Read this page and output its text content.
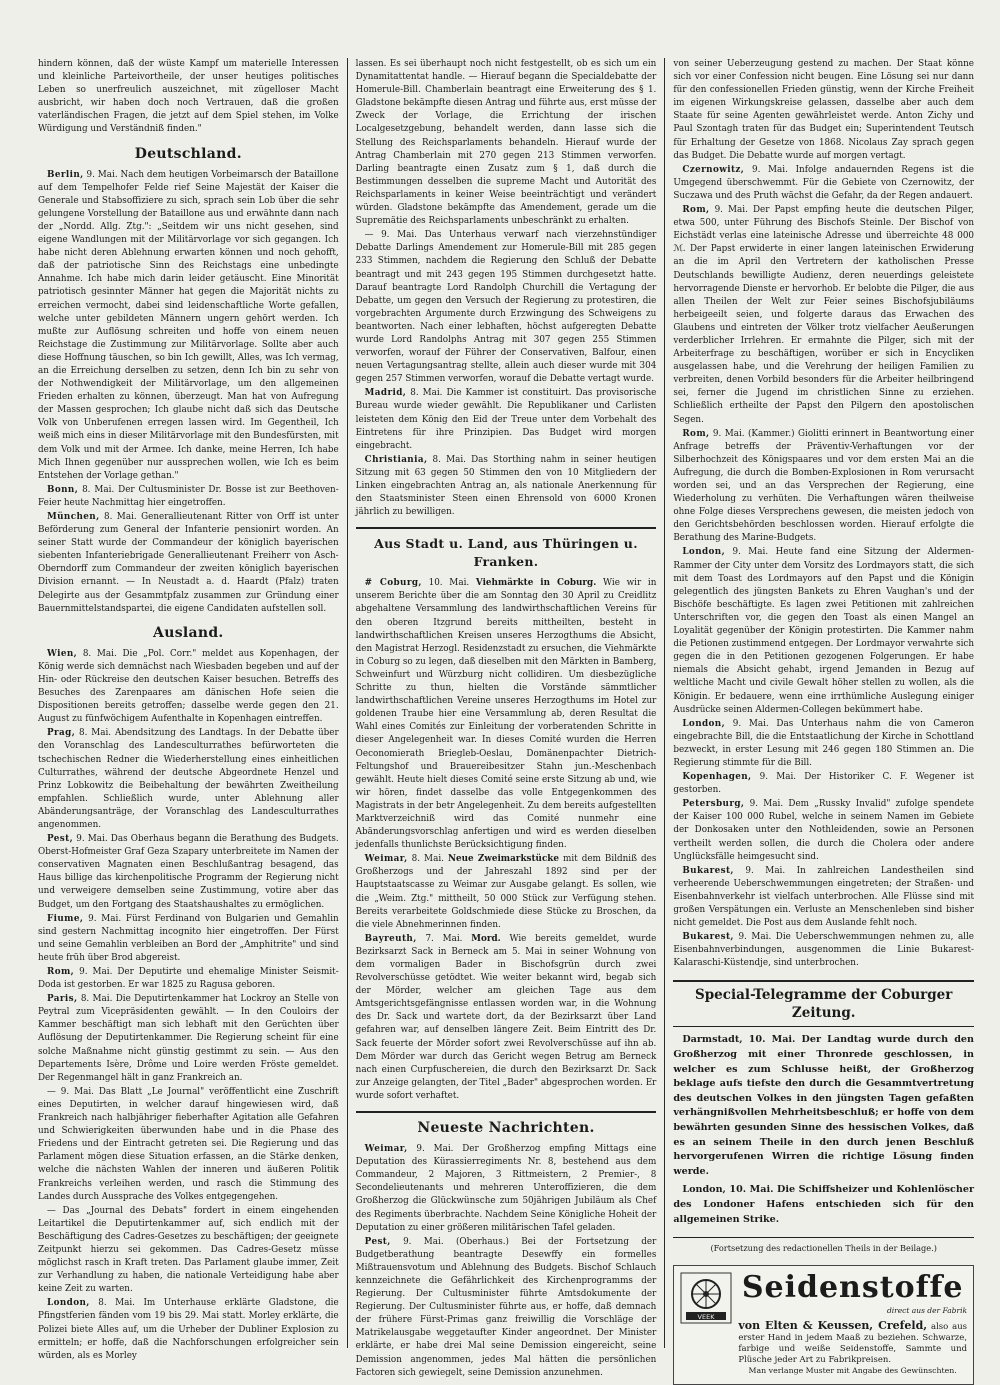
hindern können, daß der wüste Kampf um materielle Interessen und kleinliche Parteivortheile, der unser heutiges politisches Leben so unerfreulich auszeichnet, mit zügelloser Macht ausbricht, wir haben doch noch Vertrauen, daß die großen vaterländischen Fragen, die jetzt auf dem Spiel stehen, im Volke Würdigung und Verständniß finden."

Deutschland.

Berlin, 9. Mai. Nach dem heutigen Vorbeimarsch der Bataillone auf dem Tempelhofer Felde rief Seine Majestät der Kaiser die Generale und Stabsoffiziere zu sich, sprach sein Lob über die sehr gelungene Vorstellung der Bataillone aus und erwähnte dann nach der „Nordd. Allg. Ztg.": „Seitdem wir uns nicht gesehen, sind eigene Wandlungen mit der Militärvorlage vor sich gegangen. Ich habe nicht deren Ablehnung erwarten können und noch gehofft, daß der patriotische Sinn des Reichstags eine unbedingte Annahme. Ich habe mich darin leider getäuscht. Eine Minorität patriotisch gesinnter Männer hat gegen die Majorität nichts zu erreichen vermocht, dabei sind leidenschaftliche Worte gefallen, welche unter gebildeten Männern ungern gehört werden. Ich mußte zur Auflösung schreiten und hoffe von einem neuen Reichstage die Zustimmung zur Militärvorlage. Sollte aber auch diese Hoffnung täuschen, so bin Ich gewillt, Alles, was Ich vermag, an die Erreichung derselben zu setzen, denn Ich bin zu sehr von der Nothwendigkeit der Militärvorlage, um den allgemeinen Frieden erhalten zu können, überzeugt. Man hat von Aufregung der Massen gesprochen; Ich glaube nicht daß sich das Deutsche Volk von Unberufenen erregen lassen wird. Im Gegentheil, Ich weiß mich eins in dieser Militärvorlage mit den Bundesfürsten, mit dem Volk und mit der Armee. Ich danke, meine Herren, Ich habe Mich Ihnen gegenüber nur aussprechen wollen, wie Ich es beim Entstehen der Vorlage gethan."

Bonn, 8. Mai. Der Cultusminister Dr. Bosse ist zur Beethoven-Feier heute Nachmittag hier eingetroffen.

München, 8. Mai. Generallieutenant Ritter von Orff ist unter Beförderung zum General der Infanterie pensionirt worden. An seiner Statt wurde der Commandeur der königlich bayerischen siebenten Infanteriebrigade Generallieutenant Freiherr von Asch-Oberndorff zum Commandeur der zweiten königlich bayerischen Division ernannt. — In Neustadt a. d. Haardt (Pfalz) traten Delegirte aus der Gesammtpfalz zusammen zur Gründung einer Bauernmittelstandspartei, die eigene Candidaten aufstellen soll.

Ausland.

Wien, 8. Mai. Die „Pol. Corr." meldet aus Kopenhagen, der König werde sich demnächst nach Wiesbaden begeben und auf der Hin- oder Rückreise den deutschen Kaiser besuchen. Betreffs des Besuches des Zarenpaares am dänischen Hofe seien die Dispositionen bereits getroffen; dasselbe werde gegen den 21. August zu fünfwöchigem Aufenthalte in Kopenhagen eintreffen.

Prag, 8. Mai. Abendsitzung des Landtags. In der Debatte über den Voranschlag des Landesculturrathes befürworteten die tschechischen Redner die Wiederherstellung eines einheitlichen Culturrathes, während der deutsche Abgeordnete Henzel und Prinz Lobkowitz die Beibehaltung der bewährten Zweitheilung empfahlen. Schließlich wurde, unter Ablehnung aller Abänderungsanträge, der Voranschlag des Landesculturrathes angenommen.

Pest, 9. Mai. Das Oberhaus begann die Berathung des Budgets. Oberst-Hofmeister Graf Geza Szapary unterbreitete im Namen der conservativen Magnaten einen Beschlußantrag besagend, das Haus billige das kirchenpolitische Programm der Regierung nicht und verweigere demselben seine Zustimmung, votire aber das Budget, um den Fortgang des Staatshaushaltes zu ermöglichen.

Fiume, 9. Mai. Fürst Ferdinand von Bulgarien und Gemahlin sind gestern Nachmittag incognito hier eingetroffen. Der Fürst und seine Gemahlin verbleiben an Bord der „Amphitrite" und sind heute früh über Brod abgereist.

Rom, 9. Mai. Der Deputirte und ehemalige Minister Seismit-Doda ist gestorben. Er war 1825 zu Ragusa geboren.

Paris, 8. Mai. Die Deputirtenkammer hat Lockroy an Stelle von Peytral zum Vicepräsidenten gewählt. — In den Couloirs der Kammer beschäftigt man sich lebhaft mit den Gerüchten über Auflösung der Deputirtenkammer. Die Regierung scheint für eine solche Maßnahme nicht günstig gestimmt zu sein. — Aus den Departements Isère, Drôme und Loire werden Fröste gemeldet. Der Regenmangel hält in ganz Frankreich an.

— 9. Mai. Das Blatt „Le Journal" veröffentlicht eine Zuschrift eines Deputirten, in welcher darauf hingewiesen wird, daß Frankreich nach halbjähriger fieberhafter Agitation alle Gefahren und Schwierigkeiten überwunden habe und in die Phase des Friedens und der Eintracht getreten sei. Die Regierung und das Parlament mögen diese Situation erfassen, an die Stärke denken, welche die nächsten Wahlen der inneren und äußeren Politik Frankreichs verleihen werden, und rasch die Stimmung des Landes durch Aussprache des Volkes entgegengehen.

— Das „Journal des Debats" fordert in einem eingehenden Leitartikel die Deputirtenkammer auf, sich endlich mit der Beschäftigung des Cadres-Gesetzes zu beschäftigen; der geeignete Zeitpunkt hierzu sei gekommen. Das Cadres-Gesetz müsse möglichst rasch in Kraft treten. Das Parlament glaube immer, Zeit zur Verhandlung zu haben, die nationale Verteidigung habe aber keine Zeit zu warten.

London, 8. Mai. Im Unterhause erklärte Gladstone, die Pfingstferien fänden vom 19 bis 29. Mai statt. Morley erklärte, die Polizei biete Alles auf, um die Urheber der Dubliner Explosion zu ermitteln; er hoffe, daß die Nachforschungen erfolgreicher sein würden, als es Morley

lassen. Es sei überhaupt noch nicht festgestellt, ob es sich um ein Dynamitattentat handle. — Hierauf begann die Specialdebatte der Homerule-Bill. Chamberlain beantragt eine Erweiterung des § 1. Gladstone bekämpfte diesen Antrag und führte aus, erst müsse der Zweck der Vorlage, die Errichtung der irischen Localgesetzgebung, behandelt werden, dann lasse sich die Stellung des Reichsparlaments behandeln. Hierauf wurde der Antrag Chamberlain mit 270 gegen 213 Stimmen verworfen. Darling beantragte einen Zusatz zum § 1, daß durch die Bestimmungen desselben die supreme Macht und Autorität des Reichsparlaments in keiner Weise beeinträchtigt und verändert würden. Gladstone bekämpfte das Amendement, gerade um die Supremätie des Reichsparlaments unbeschränkt zu erhalten.

— 9. Mai. Das Unterhaus verwarf nach vierzehnstündiger Debatte Darlings Amendement zur Homerule-Bill mit 285 gegen 233 Stimmen, nachdem die Regierung den Schluß der Debatte beantragt und mit 243 gegen 195 Stimmen durchgesetzt hatte. Darauf beantragte Lord Randolph Churchill die Vertagung der Debatte, um gegen den Versuch der Regierung zu protestiren, die vorgebrachten Argumente durch Erzwingung des Schweigens zu beantworten. Nach einer lebhaften, höchst aufgeregten Debatte wurde Lord Randolphs Antrag mit 307 gegen 255 Stimmen verworfen, worauf der Führer der Conservativen, Balfour, einen neuen Vertagungsantrag stellte, allein auch dieser wurde mit 304 gegen 257 Stimmen verworfen, worauf die Debatte vertagt wurde.

Madrid, 8. Mai. Die Kammer ist constituirt. Das provisorische Bureau wurde wieder gewählt. Die Republikaner und Carlisten leisteten dem König den Eid der Treue unter dem Vorbehalt des Eintretens für ihre Prinzipien. Das Budget wird morgen eingebracht.

Christiania, 8. Mai. Das Storthing nahm in seiner heutigen Sitzung mit 63 gegen 50 Stimmen den von 10 Mitgliedern der Linken eingebrachten Antrag an, als nationale Anerkennung für den Staatsminister Steen einen Ehrensold von 6000 Kronen jährlich zu bewilligen.

Aus Stadt u. Land, aus Thüringen u. Franken.

# Coburg, 10. Mai. Viehmärkte in Coburg. Wie wir in unserem Berichte über die am Sonntag den 30 April zu Creidlitz abgehaltene Versammlung des landwirthschaftlichen Vereins für den oberen Itzgrund bereits mittheilten, besteht in landwirthschaftlichen Kreisen unseres Herzogthums die Absicht, den Magistrat Herzogl. Residenzstadt zu ersuchen, die Viehmärkte in Coburg so zu legen, daß dieselben mit den Märkten in Bamberg, Schweinfurt und Würzburg nicht collidiren. Um diesbezügliche Schritte zu thun, hielten die Vorstände sämmtlicher landwirthschaftlichen Vereine unseres Herzogthums im Hotel zur goldenen Traube hier eine Versammlung ab, deren Resultat die Wahl eines Comités zur Einleitung der vorberatenden Schritte in dieser Angelegenheit war. In dieses Comité wurden die Herren Oeconomierath Briegleb-Oeslau, Domänenpachter Dietrich-Feltungshof und Brauereibesitzer Stahn jun.-Meschenbach gewählt. Heute hielt dieses Comité seine erste Sitzung ab und, wie wir hören, findet dasselbe das volle Entgegenkommen des Magistrats in der betr Angelegenheit. Zu dem bereits aufgestellten Marktverzeichniß wird das Comité nunmehr eine Abänderungsvorschlag anfertigen und wird es werden dieselben jedenfalls thunlichste Berücksichtigung finden.

Weimar, 8. Mai. Neue Zweimarkstücke mit dem Bildniß des Großherzogs und der Jahreszahl 1892 sind per der Hauptstaatscasse zu Weimar zur Ausgabe gelangt. Es sollen, wie die „Weim. Ztg." mittheilt, 50 000 Stück zur Verfügung stehen. Bereits verarbeitete Goldschmiede diese Stücke zu Broschen, da die viele Abnehmerinnen finden.

Bayreuth, 7. Mai. Mord. Wie bereits gemeldet, wurde Bezirksarzt Sack in Berneck am 5. Mai in seiner Wohnung von dem vormaligen Bader in Bischofsgrün durch zwei Revolverschüsse getödtet. Wie weiter bekannt wird, begab sich der Mörder, welcher am gleichen Tage aus dem Amtsgerichtsgefängnisse entlassen worden war, in die Wohnung des Dr. Sack und wartete dort, da der Bezirksarzt über Land gefahren war, auf denselben längere Zeit. Beim Eintritt des Dr. Sack feuerte der Mörder sofort zwei Revolverschüsse auf ihn ab. Dem Mörder war durch das Gericht wegen Betrug am Berneck nach einen Curpfuschereien, die durch den Bezirksarzt Dr. Sack zur Anzeige gelangten, der Titel „Bader" abgesprochen worden. Er wurde sofort verhaftet.

Neueste Nachrichten.

Weimar, 9. Mai. Der Großherzog empfing Mittags eine Deputation des Kürassierregiments Nr. 8, bestehend aus dem Commandeur, 2 Majoren, 3 Rittmeistern, 2 Premier-, 8 Secondelieutenants und mehreren Unteroffizieren, die dem Großherzog die Glückwünsche zum 50jährigen Jubiläum als Chef des Regiments überbrachte. Nachdem Seine Königliche Hoheit der Deputation zu einer größeren militärischen Tafel geladen.

Pest, 9. Mai. (Oberhaus.) Bei der Fortsetzung der Budgetberathung beantragte Desewffy ein formelles Mißtrauensvotum und Ablehnung des Budgets. Bischof Schlauch kennzeichnete die Gefährlichkeit des Kirchenprogramms der Regierung. Der Cultusminister führte Amtsdokumente der Regierung. Der Cultusminister führte aus, er hoffe, daß demnach der frühere Fürst-Primas ganz freiwillig die Vorschläge der Matrikelausgabe weggetaufter Kinder angeordnet. Der Minister erklärte, er habe drei Mal seine Demission eingereicht, seine Demission angenommen, jedes Mal hätten die persönlichen Factoren sich gewiegelt, seine Demission anzunehmen.

von seiner Ueberzeugung gestend zu machen. Der Staat könne sich vor einer Confession nicht beugen. Eine Lösung sei nur dann für den confessionellen Frieden günstig, wenn der Kirche Freiheit im eigenen Wirkungskreise gelassen, dasselbe aber auch dem Staate für seine Agenten gewährleistet werde. Anton Zichy und Paul Szontagh traten für das Budget ein; Superintendent Teutsch für Erhaltung der Gesetze von 1868. Nicolaus Zay sprach gegen das Budget. Die Debatte wurde auf morgen vertagt.

Czernowitz, 9. Mai. Infolge andauernden Regens ist die Umgegend überschwemmt. Für die Gebiete von Czernowitz, der Suczawa und des Pruth wächst die Gefahr, da der Regen andauert.

Rom, 9. Mai. Der Papst empfing heute die deutschen Pilger, etwa 500, unter Führung des Bischofs Steinle. Der Bischof von Eichstädt verlas eine lateinische Adresse und überreichte 48 000 ℳ. Der Papst erwiderte in einer langen lateinischen Erwiderung an die im April den Vertretern der katholischen Presse Deutschlands bewilligte Audienz, deren neuerdings geleistete hervorragende Dienste er hervorhob. Er belobte die Pilger, die aus allen Theilen der Welt zur Feier seines Bischofsjubiläums herbeigeeilt seien, und folgerte daraus das Erwachen des Glaubens und eintreten der Völker trotz vielfacher Aeußerungen verderblicher Irrlehren. Er ermahnte die Pilger, sich mit der Arbeiterfrage zu beschäftigen, worüber er sich in Encycliken ausgelassen habe, und die Verehrung der heiligen Familien zu verbreiten, denen Vorbild besonders für die Arbeiter heilbringend sei, ferner die Jugend im christlichen Sinne zu erziehen. Schließlich ertheilte der Papst den Pilgern den apostolischen Segen.

Rom, 9. Mai. (Kammer.) Giolitti erinnert in Beantwortung einer Anfrage betreffs der Präventiv-Verhaftungen vor der Silberhochzeit des Königspaares und vor dem ersten Mai an die Aufregung, die durch die Bomben-Explosionen in Rom verursacht worden sei, und an das Versprechen der Regierung, eine Wiederholung zu verhüten. Die Verhaftungen wären theilweise ohne Folge dieses Versprechens gewesen, die meisten jedoch von den Gerichtsbehörden beschlossen worden. Hierauf erfolgte die Berathung des Marine-Budgets.

London, 9. Mai. Heute fand eine Sitzung der Aldermen-Rammer der City unter dem Vorsitz des Lordmayors statt, die sich mit dem Toast des Lordmayors auf den Papst und die Königin gelegentlich des jüngsten Bankets zu Ehren Vaughan's und der Bischöfe beschäftigte. Es lagen zwei Petitionen mit zahlreichen Unterschriften vor, die gegen den Toast als einen Mangel an Loyalität gegenüber der Königin protestirten. Die Kammer nahm die Petionen zustimmend entgegen. Der Lordmayor verwahrte sich gegen die in den Petitionen gezogenen Folgerungen. Er habe niemals die Absicht gehabt, irgend Jemanden in Bezug auf weltliche Macht und civile Gewalt höher stellen zu wollen, als die Königin. Er bedauere, wenn eine irrthümliche Auslegung einiger Ausdrücke seinen Aldermen-Collegen bekümmert habe.

London, 9. Mai. Das Unterhaus nahm die von Cameron eingebrachte Bill, die die Entstaatlichung der Kirche in Schottland bezweckt, in erster Lesung mit 246 gegen 180 Stimmen an. Die Regierung stimmte für die Bill.

Kopenhagen, 9. Mai. Der Historiker C. F. Wegener ist gestorben.

Petersburg, 9. Mai. Dem „Russky Invalid" zufolge spendete der Kaiser 100 000 Rubel, welche in seinem Namen im Gebiete der Donkosaken unter den Nothleidenden, sowie an Personen vertheilt werden sollen, die durch die Cholera oder andere Unglücksfälle heimgesucht sind.

Bukarest, 9. Mai. In zahlreichen Landestheilen sind verheerende Ueberschwemmungen eingetreten; der Straßen- und Eisenbahnverkehr ist vielfach unterbrochen. Alle Flüsse sind mit großen Verspätungen ein. Verluste an Menschenleben sind bisher nicht gemeldet. Die Post aus dem Auslande fehlt noch.

Bukarest, 9. Mai. Die Ueberschwemmungen nehmen zu, alle Eisenbahnverbindungen, ausgenommen die Linie Bukarest-Kalaraschi-Küstendje, sind unterbrochen.

Special-Telegramme der Coburger Zeitung.

Darmstadt, 10. Mai. Der Landtag wurde durch den Großherzog mit einer Thronrede geschlossen, in welcher es zum Schlusse heißt, der Großherzog beklage aufs tiefste den durch die Gesammtvertretung des deutschen Volkes in den jüngsten Tagen gefaßten verhängnißvollen Mehrheitsbeschluß; er hoffe von dem bewährten gesunden Sinne des hessischen Volkes, daß es an seinem Theile in den durch jenen Beschluß hervorgerufenen Wirren die richtige Lösung finden werde.

London, 10. Mai. Die Schiffsheizer und Kohlenlöscher des Londoner Hafens entschieden sich für den allgemeinen Strike.

(Fortsetzung des redactionellen Theils in der Beilage.)
VEEK
Seidenstoffe
direct aus der Fabrik
von Elten & Keussen, Crefeld, also aus erster Hand in jedem Maaß zu beziehen. Schwarze, farbige und weiße Seidenstoffe, Sammte und Plüsche jeder Art zu Fabrikpreisen.
Man verlange Muster mit Angabe des Gewünschten.
